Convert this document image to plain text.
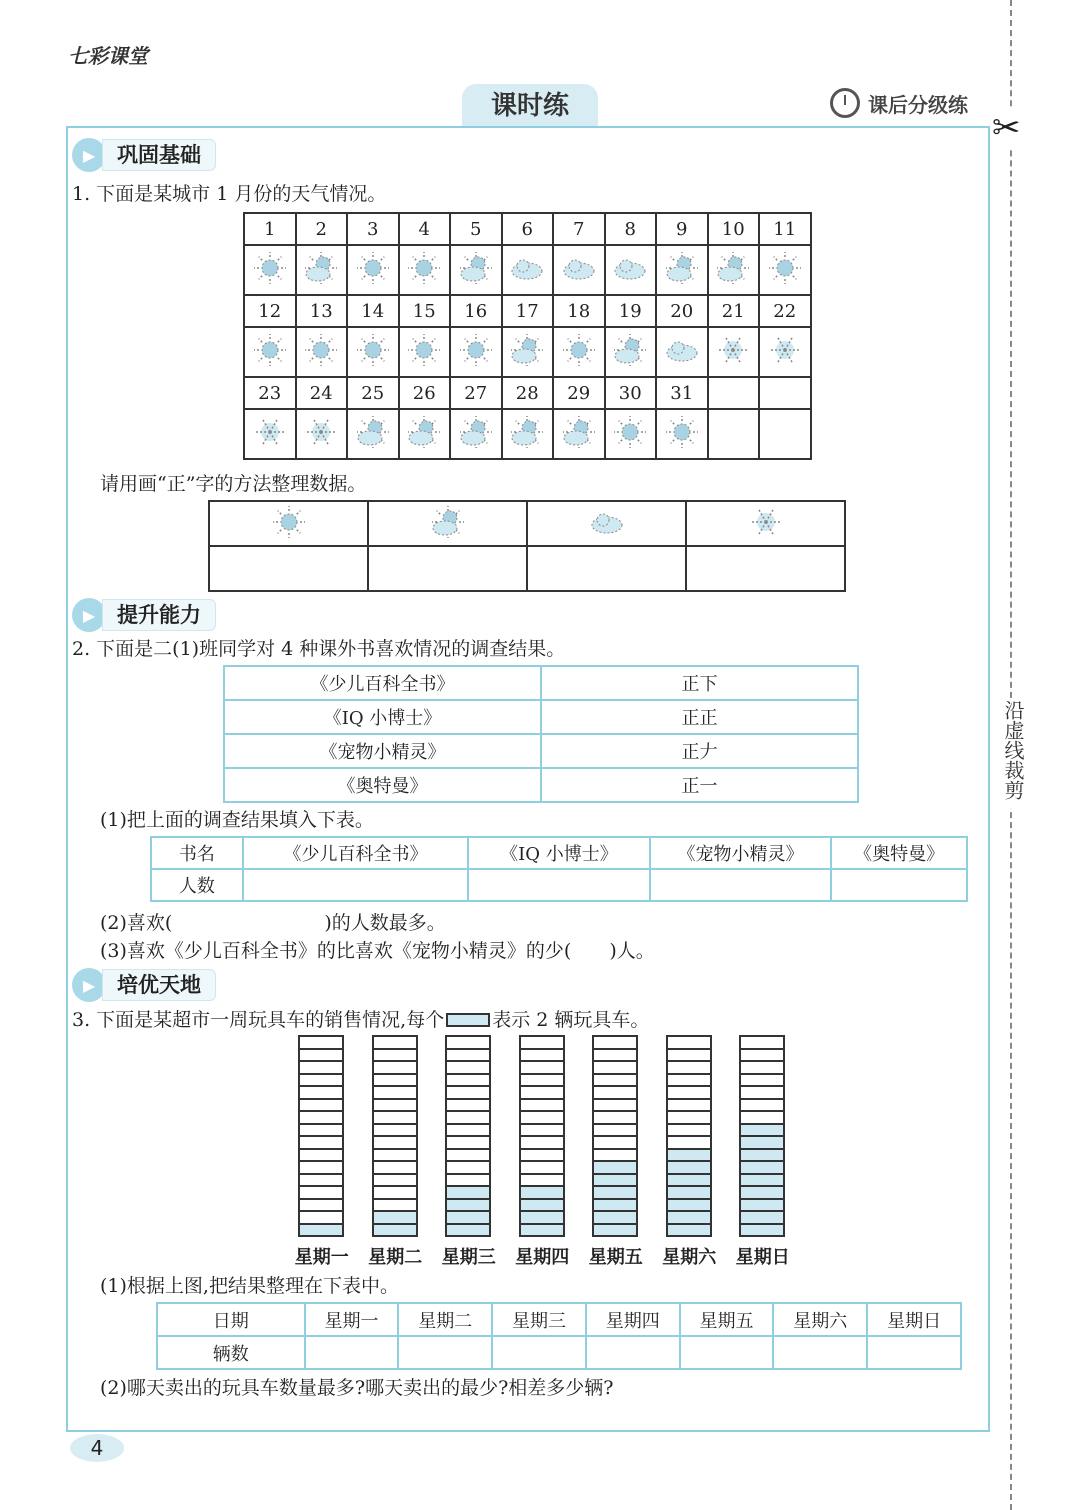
七彩课堂
课时练	课后分级练
✂
沿虚线裁剪
▶	巩固基础
1. 下面是某城市 1 月份的天气情况。
1	2	3	4	5	6	7	8	9	10	11

12	13	14	15	16	17	18	19	20	21	22

23	24	25	26	27	28	29	30	31		

请用画“正”字的方法整理数据。

▶	提升能力
2. 下面是二(1)班同学对 4 种课外书喜欢情况的调查结果。
《少儿百科全书》	正下
《IQ 小博士》	正正
《宠物小精灵》	正𠂇
《奥特曼》	正一
(1)把上面的调查结果填入下表。
书名	《少儿百科全书》	《IQ 小博士》	《宠物小精灵》	《奥特曼》
人数				
(2)喜欢(　　　　　　　　)的人数最多。
(3)喜欢《少儿百科全书》的比喜欢《宠物小精灵》的少(　　)人。
▶	培优天地
3. 下面是某超市一周玩具车的销售情况,每个	表示 2 辆玩具车。
星期一	星期二	星期三	星期四	星期五	星期六	星期日
(1)根据上图,把结果整理在下表中。
日期	星期一	星期二	星期三	星期四	星期五	星期六	星期日
辆数							
(2)哪天卖出的玩具车数量最多?哪天卖出的最少?相差多少辆?
4
